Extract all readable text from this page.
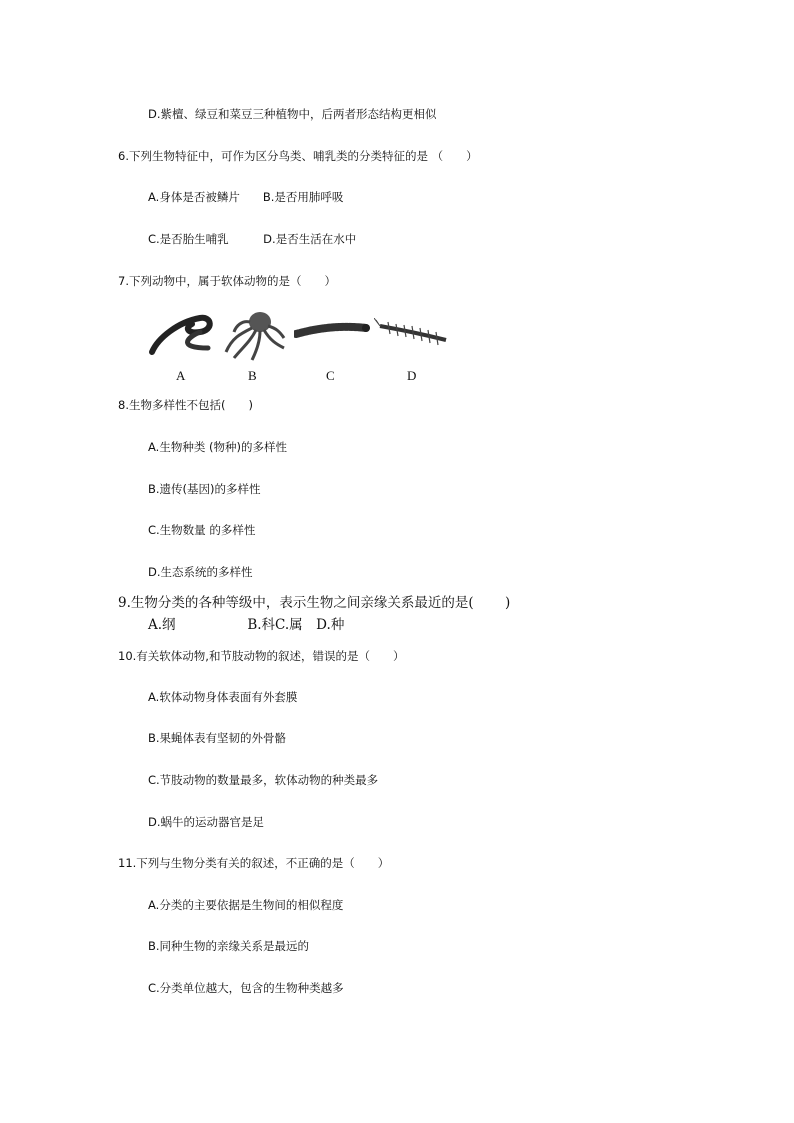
D.紫檀、绿豆和菜豆三种植物中，后两者形态结构更相似
6.下列生物特征中，可作为区分鸟类、哺乳类的分类特征的是 （　　）
A.身体是否被鳞片　　B.是否用肺呼吸
C.是否胎生哺乳　　　D.是否生活在水中
7.下列动物中，属于软体动物的是（　　）
A	B	C	D
8.生物多样性不包括(　　)
A.生物种类 (物种)的多样性
B.遗传(基因)的多样性
C.生物数量 的多样性
D.生态系统的多样性
9.生物分类的各种等级中，表示生物之间亲缘关系最近的是(　　 )
A.纲　　　　　 B.科C.属　D.种
10.有关软体动物,和节肢动物的叙述，错误的是（　　）
A.软体动物身体表面有外套膜
B.果蝇体表有坚韧的外骨骼
C.节肢动物的数量最多，软体动物的种类最多
D.蜗牛的运动器官是足
11.下列与生物分类有关的叙述，不正确的是（　　）
A.分类的主要依据是生物间的相似程度
B.同种生物的亲缘关系是最远的
C.分类单位越大，包含的生物种类越多
